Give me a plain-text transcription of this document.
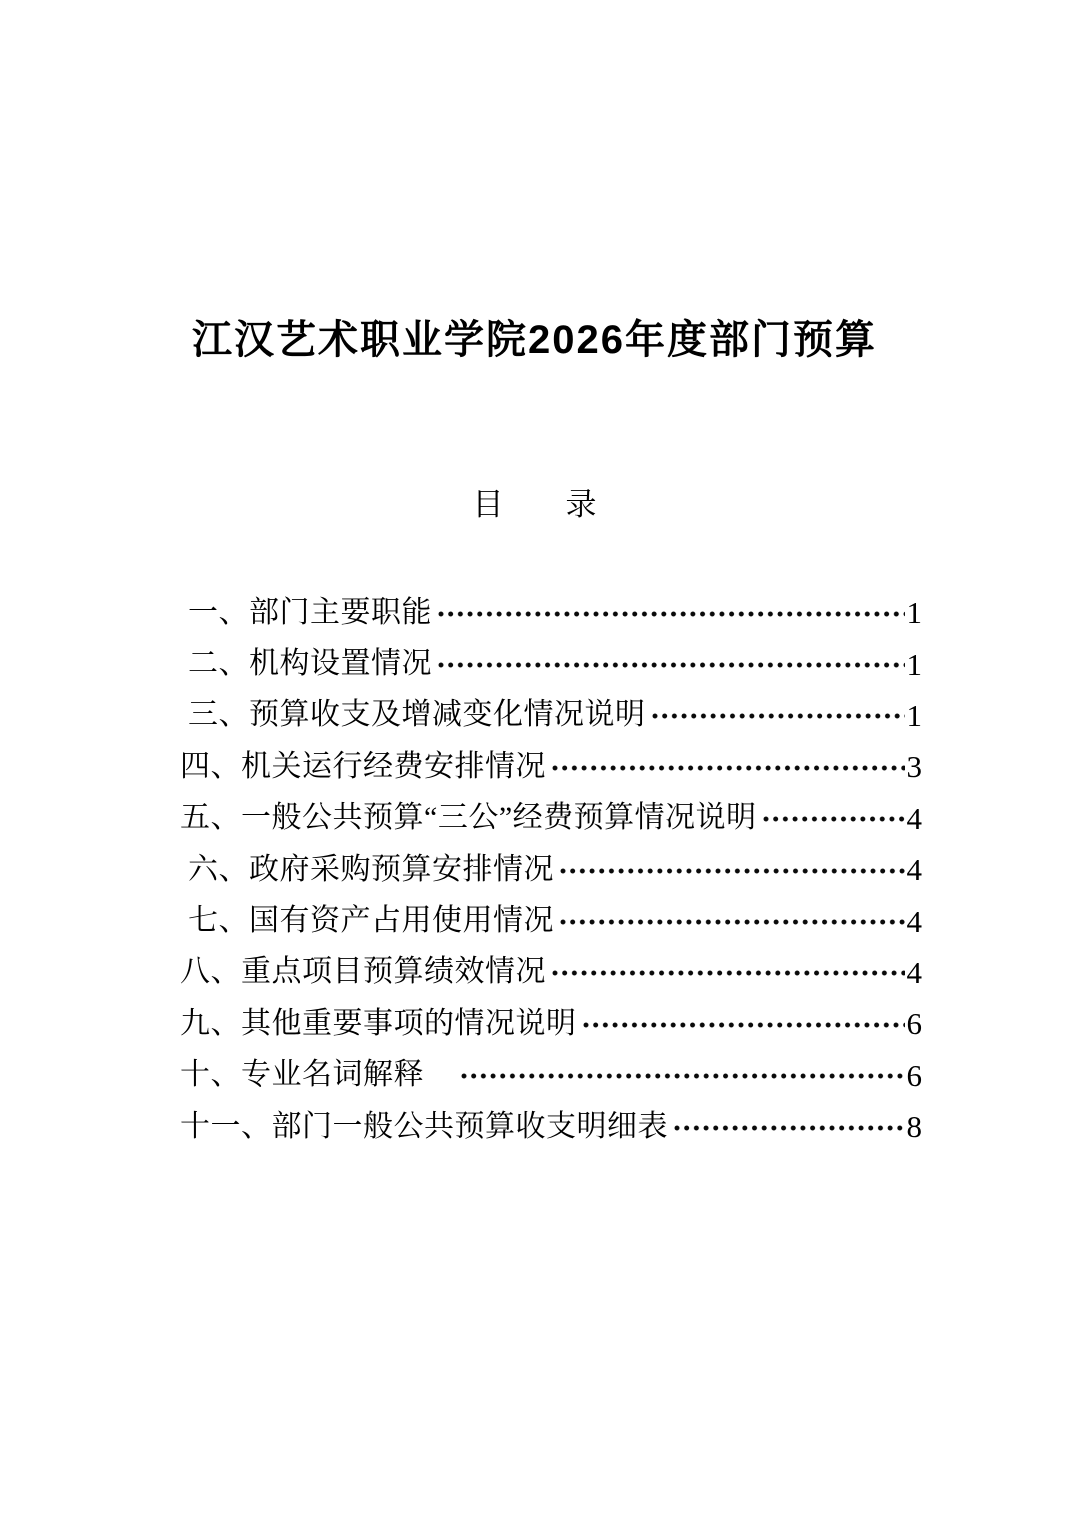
江汉艺术职业学院2026年度部门预算
目　　录
一、部门主要职能	1
二、机构设置情况	1
三、预算收支及增减变化情况说明	1
四、机关运行经费安排情况	3
五、一般公共预算“三公”经费预算情况说明	4
六、政府采购预算安排情况	4
七、国有资产占用使用情况	4
八、重点项目预算绩效情况	4
九、其他重要事项的情况说明	6
十、专业名词解释　	6
十一、部门一般公共预算收支明细表	8
